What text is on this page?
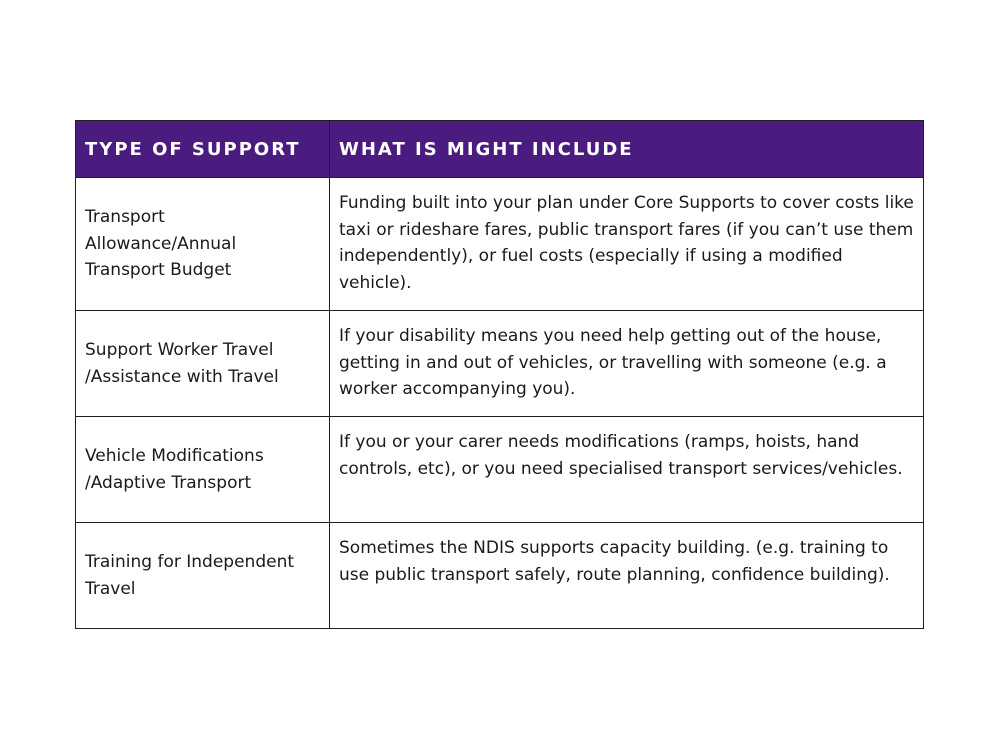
TYPE OF SUPPORT	WHAT IS MIGHT INCLUDE
Transport Allowance/Annual Transport Budget	Funding built into your plan under Core Supports to cover costs like taxi or rideshare fares, public transport fares (if you can’t use them independently), or fuel costs (especially if using a modified vehicle).
Support Worker Travel /Assistance with Travel	If your disability means you need help getting out of the house, getting in and out of vehicles, or travelling with someone (e.g. a worker accompanying you).
Vehicle Modifications /Adaptive Transport	If you or your carer needs modifications (ramps, hoists, hand controls, etc), or you need specialised transport services/vehicles.
Training for Independent Travel	Sometimes the NDIS supports capacity building. (e.g. training to use public transport safely, route planning, confidence building).
